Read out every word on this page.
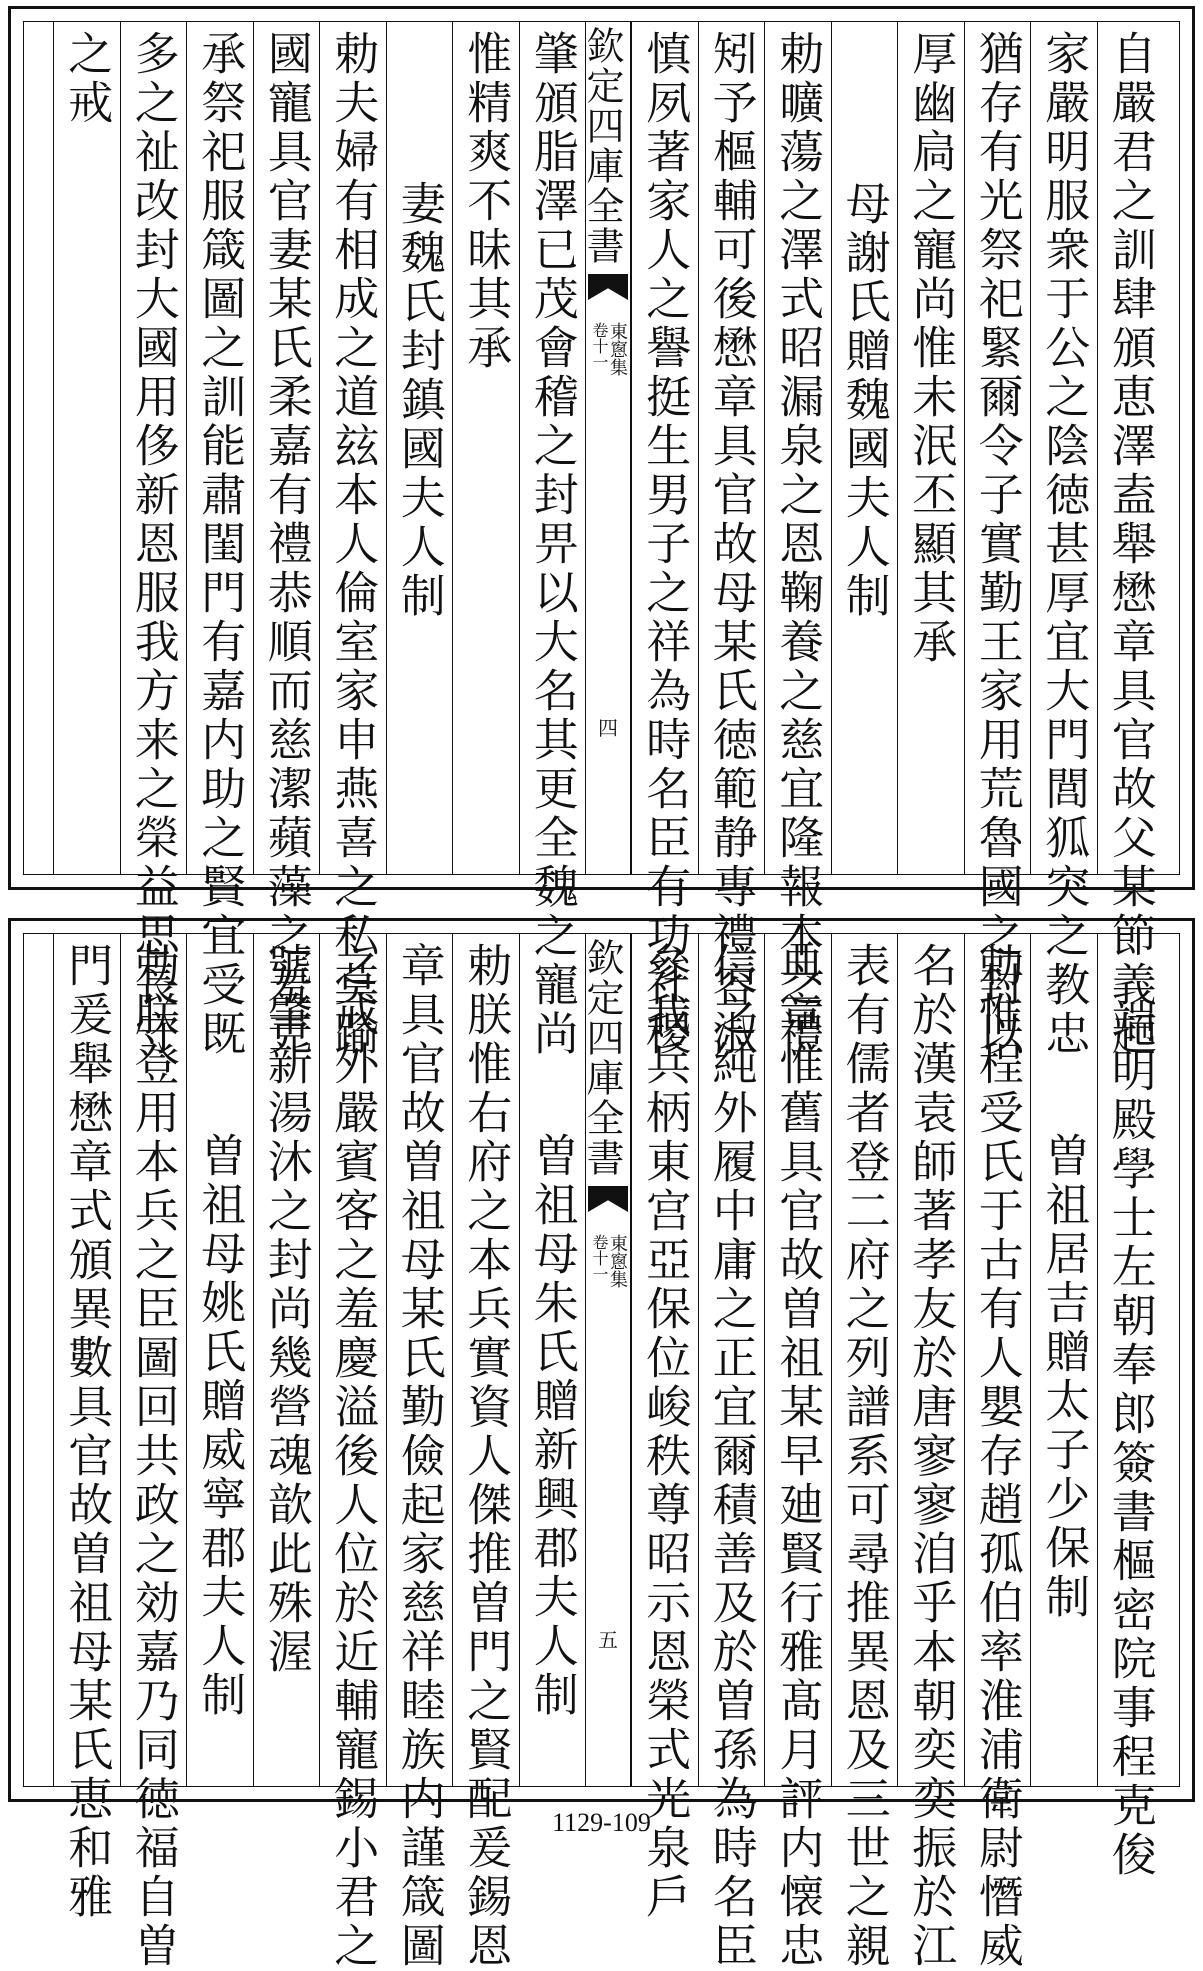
自嚴君之訓肆頒恵澤盍舉懋章具官故父某節義起
家嚴明服衆于公之陰徳甚厚宜大門閭狐突之教忠
猶存有光祭祀緊爾令子實勤王家用荒魯國之封以
厚幽扃之寵尚惟未泯丕顯其承
母謝氏贈魏國夫人制
勅曠蕩之澤式昭漏泉之恩鞠養之慈宜隆報本之禮
矧予樞輔可後懋章具官故母某氏徳範静專禮容淑
慎夙著家人之譽挺生男子之祥為時名臣有功社稷
欽定四庫全書
東窻集
卷十一
四
肇頒脂澤已茂會稽之封畀以大名其更全魏之寵尚
惟精爽不昧其承
妻魏氏封鎮國夫人制
勅夫婦有相成之道玆本人倫室家申燕喜之私莫踰
國寵具官妻某氏柔嘉有禮恭順而慈潔蘋藻之羞克
承祭祀服箴圖之訓能肅閨門有嘉内助之賢宜受既
多之祉改封大國用侈新恩服我方来之榮益思長守
之戒
端明殿學士左朝奉郎簽書樞密院事程克俊
曽祖居吉贈太子少保制
勅惟程受氏于古有人嬰存趙孤伯率淮浦衛尉憯威
名於漢袁師著孝友於唐寥寥洎乎本朝奕奕振於江
表有儒者登二府之列譜系可尋推異恩及三世之親
典章惟舊具官故曽祖某早廸賢行雅髙月評内懐忠
信之純外履中庸之正宜爾積善及於曽孫為時名臣
參我兵柄東宫亞保位峻秩尊昭示恩榮式光泉戶
欽定四庫全書
東窻集
卷十一
五
曽祖母朱氏贈新興郡夫人制
勅朕惟右府之本兵實資人傑推曽門之賢配爰錫恩
章具官故曽祖母某氏勤儉起家慈祥睦族内謹箴圖
之戒外嚴賓客之羞慶溢後人位於近輔寵錫小君之
號肇新湯沐之封尚幾營魂歆此殊渥
曽祖母姚氏贈威寧郡夫人制
勅朕登用本兵之臣圖回共政之効嘉乃同徳福自曽
門爰舉懋章式頒異數具官故曽祖母某氏恵和雅	1129-109
